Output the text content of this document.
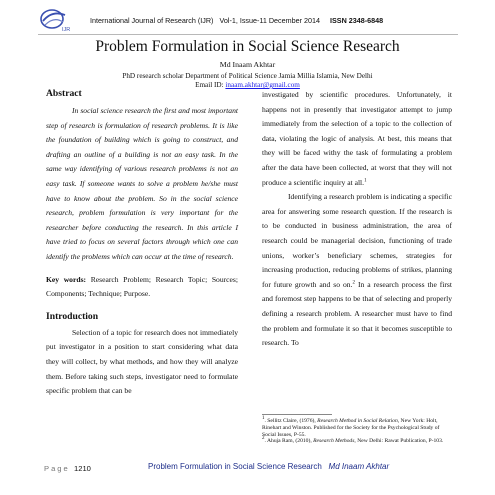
IJR
International Journal of Research (IJR) Vol-1, Issue-11 December 2014 ISSN 2348-6848
Problem Formulation in Social Science Research
Md Inaam Akhtar
PhD research scholar Department of Political Science Jamia Millia Islamia, New Delhi
Email ID: inaam.akhtar@gmail.com
Abstract

In social science research the first and most important step of research is formulation of research problems. It is like the foundation of building which is going to construct, and drafting an outline of a building is not an easy task. In the same way identifying of various research problems is not an easy task. If someone wants to solve a problem he/she must have to know about the problem. So in the social science research, problem formulation is very important for the researcher before conducting the research. In this article I have tried to focus on several factors through which one can identify the problems which can occur at the time of research.

Key words: Research Problem; Research Topic; Sources; Components; Technique; Purpose.

Introduction

Selection of a topic for research does not immediately put investigator in a position to start considering what data they will collect, by what methods, and how they will analyze them. Before taking such steps, investigator need to formulate specific problem that can be

investigated by scientific procedures. Unfortunately, it happens not in presently that investigator attempt to jump immediately from the selection of a topic to the collection of data, violating the logic of analysis. At best, this means that they will be faced withy the task of formulating a problem after the data have been collected, at worst that they will not produce a scientific inquiry at all.$^1$

Identifying a research problem is indicating a specific area for answering some research question. If the research is to be conducted in business administration, the area of research could be managerial decision, functioning of trade unions, worker’s beneficiary schemes, strategies for increasing production, reducing problems of strikes, planning for future growth and so on.$^2$ In a research process the first and foremost step happens to be that of selecting and properly defining a research problem. A researcher must have to find the problem and formulate it so that it becomes susceptible to research. To

$^1$. Sellitz Claire, (1976), Research Method in Social Relation, New York: Holt, Rinehart and Winston. Published for the Society for the Psychological Study of Social Issues, P-55.

$^2$. Ahuja Ram, (2010), Research Methods, New Delhi: Rawat Publication, P-103.

Page 1210	Problem Formulation in Social Science Research Md Inaam Akhtar
